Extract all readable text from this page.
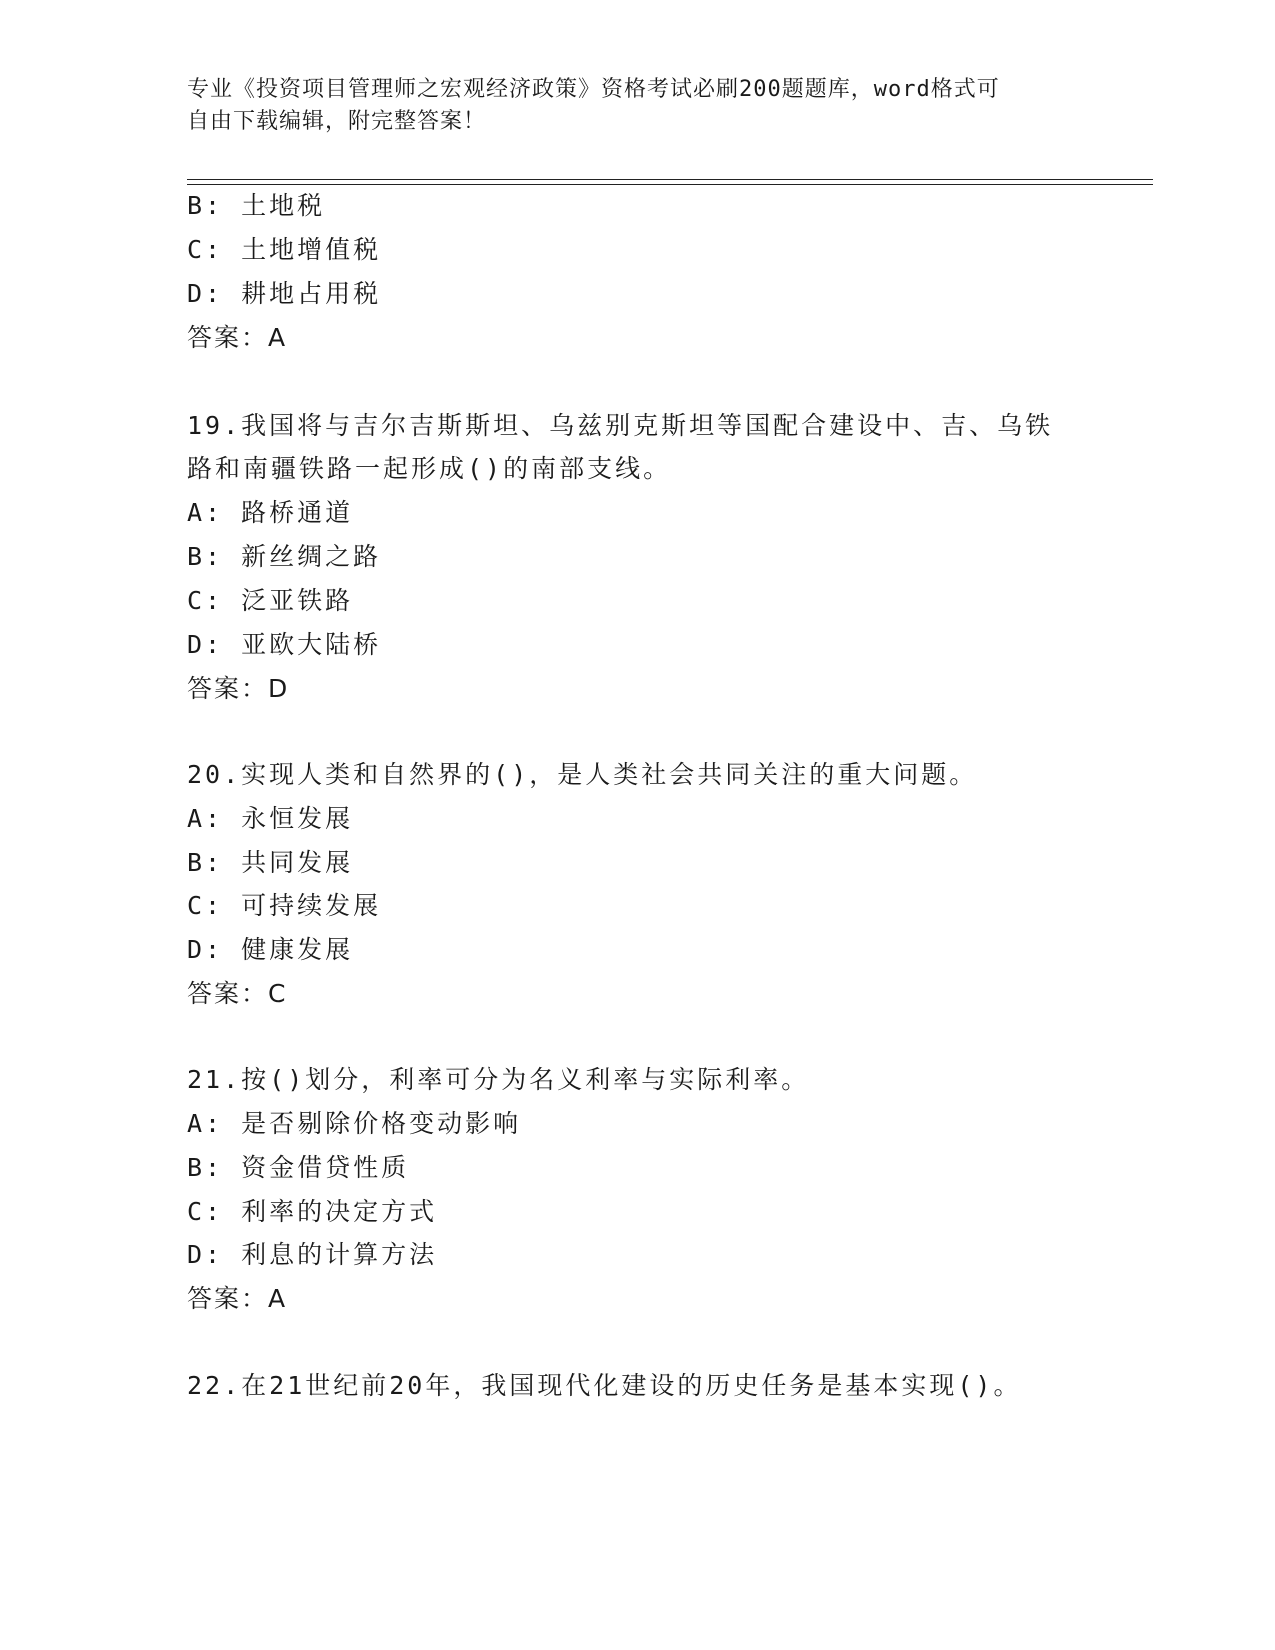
专业《投资项目管理师之宏观经济政策》资格考试必刷200题题库，word格式可
自由下载编辑，附完整答案！
B: 土地税
C: 土地增值税
D: 耕地占用税
答案：A
19.我国将与吉尔吉斯斯坦、乌兹别克斯坦等国配合建设中、吉、乌铁
路和南疆铁路一起形成()的南部支线。
A: 路桥通道
B: 新丝绸之路
C: 泛亚铁路
D: 亚欧大陆桥
答案：D
20.实现人类和自然界的()，是人类社会共同关注的重大问题。
A: 永恒发展
B: 共同发展
C: 可持续发展
D: 健康发展
答案：C
21.按()划分，利率可分为名义利率与实际利率。
A: 是否剔除价格变动影响
B: 资金借贷性质
C: 利率的决定方式
D: 利息的计算方法
答案：A
22.在21世纪前20年，我国现代化建设的历史任务是基本实现()。
